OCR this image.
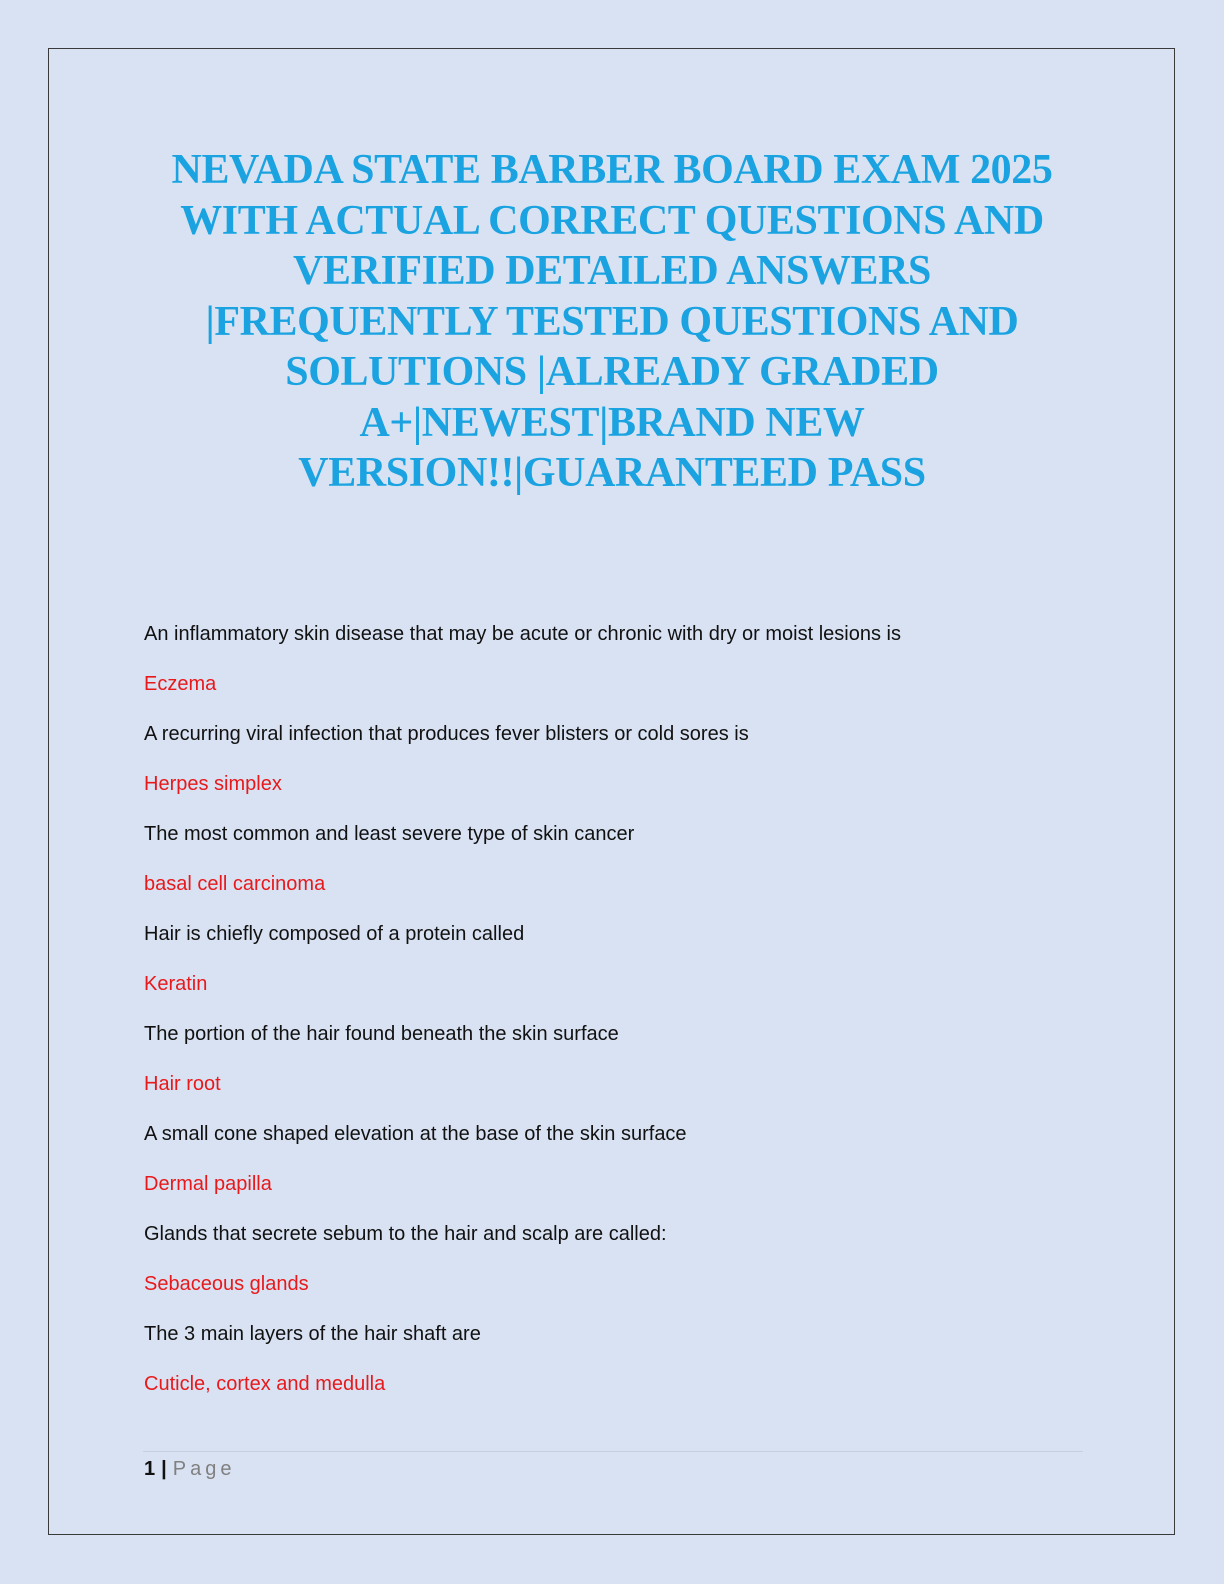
NEVADA STATE BARBER BOARD EXAM 2025
WITH ACTUAL CORRECT QUESTIONS AND
VERIFIED DETAILED ANSWERS
|FREQUENTLY TESTED QUESTIONS AND
SOLUTIONS |ALREADY GRADED
A+|NEWEST|BRAND NEW
VERSION!!|GUARANTEED PASS
An inflammatory skin disease that may be acute or chronic with dry or moist lesions is
Eczema
A recurring viral infection that produces fever blisters or cold sores is
Herpes simplex
The most common and least severe type of skin cancer
basal cell carcinoma
Hair is chiefly composed of a protein called
Keratin
The portion of the hair found beneath the skin surface
Hair root
A small cone shaped elevation at the base of the skin surface
Dermal papilla
Glands that secrete sebum to the hair and scalp are called:
Sebaceous glands
The 3 main layers of the hair shaft are
Cuticle, cortex and medulla
1 | Page
